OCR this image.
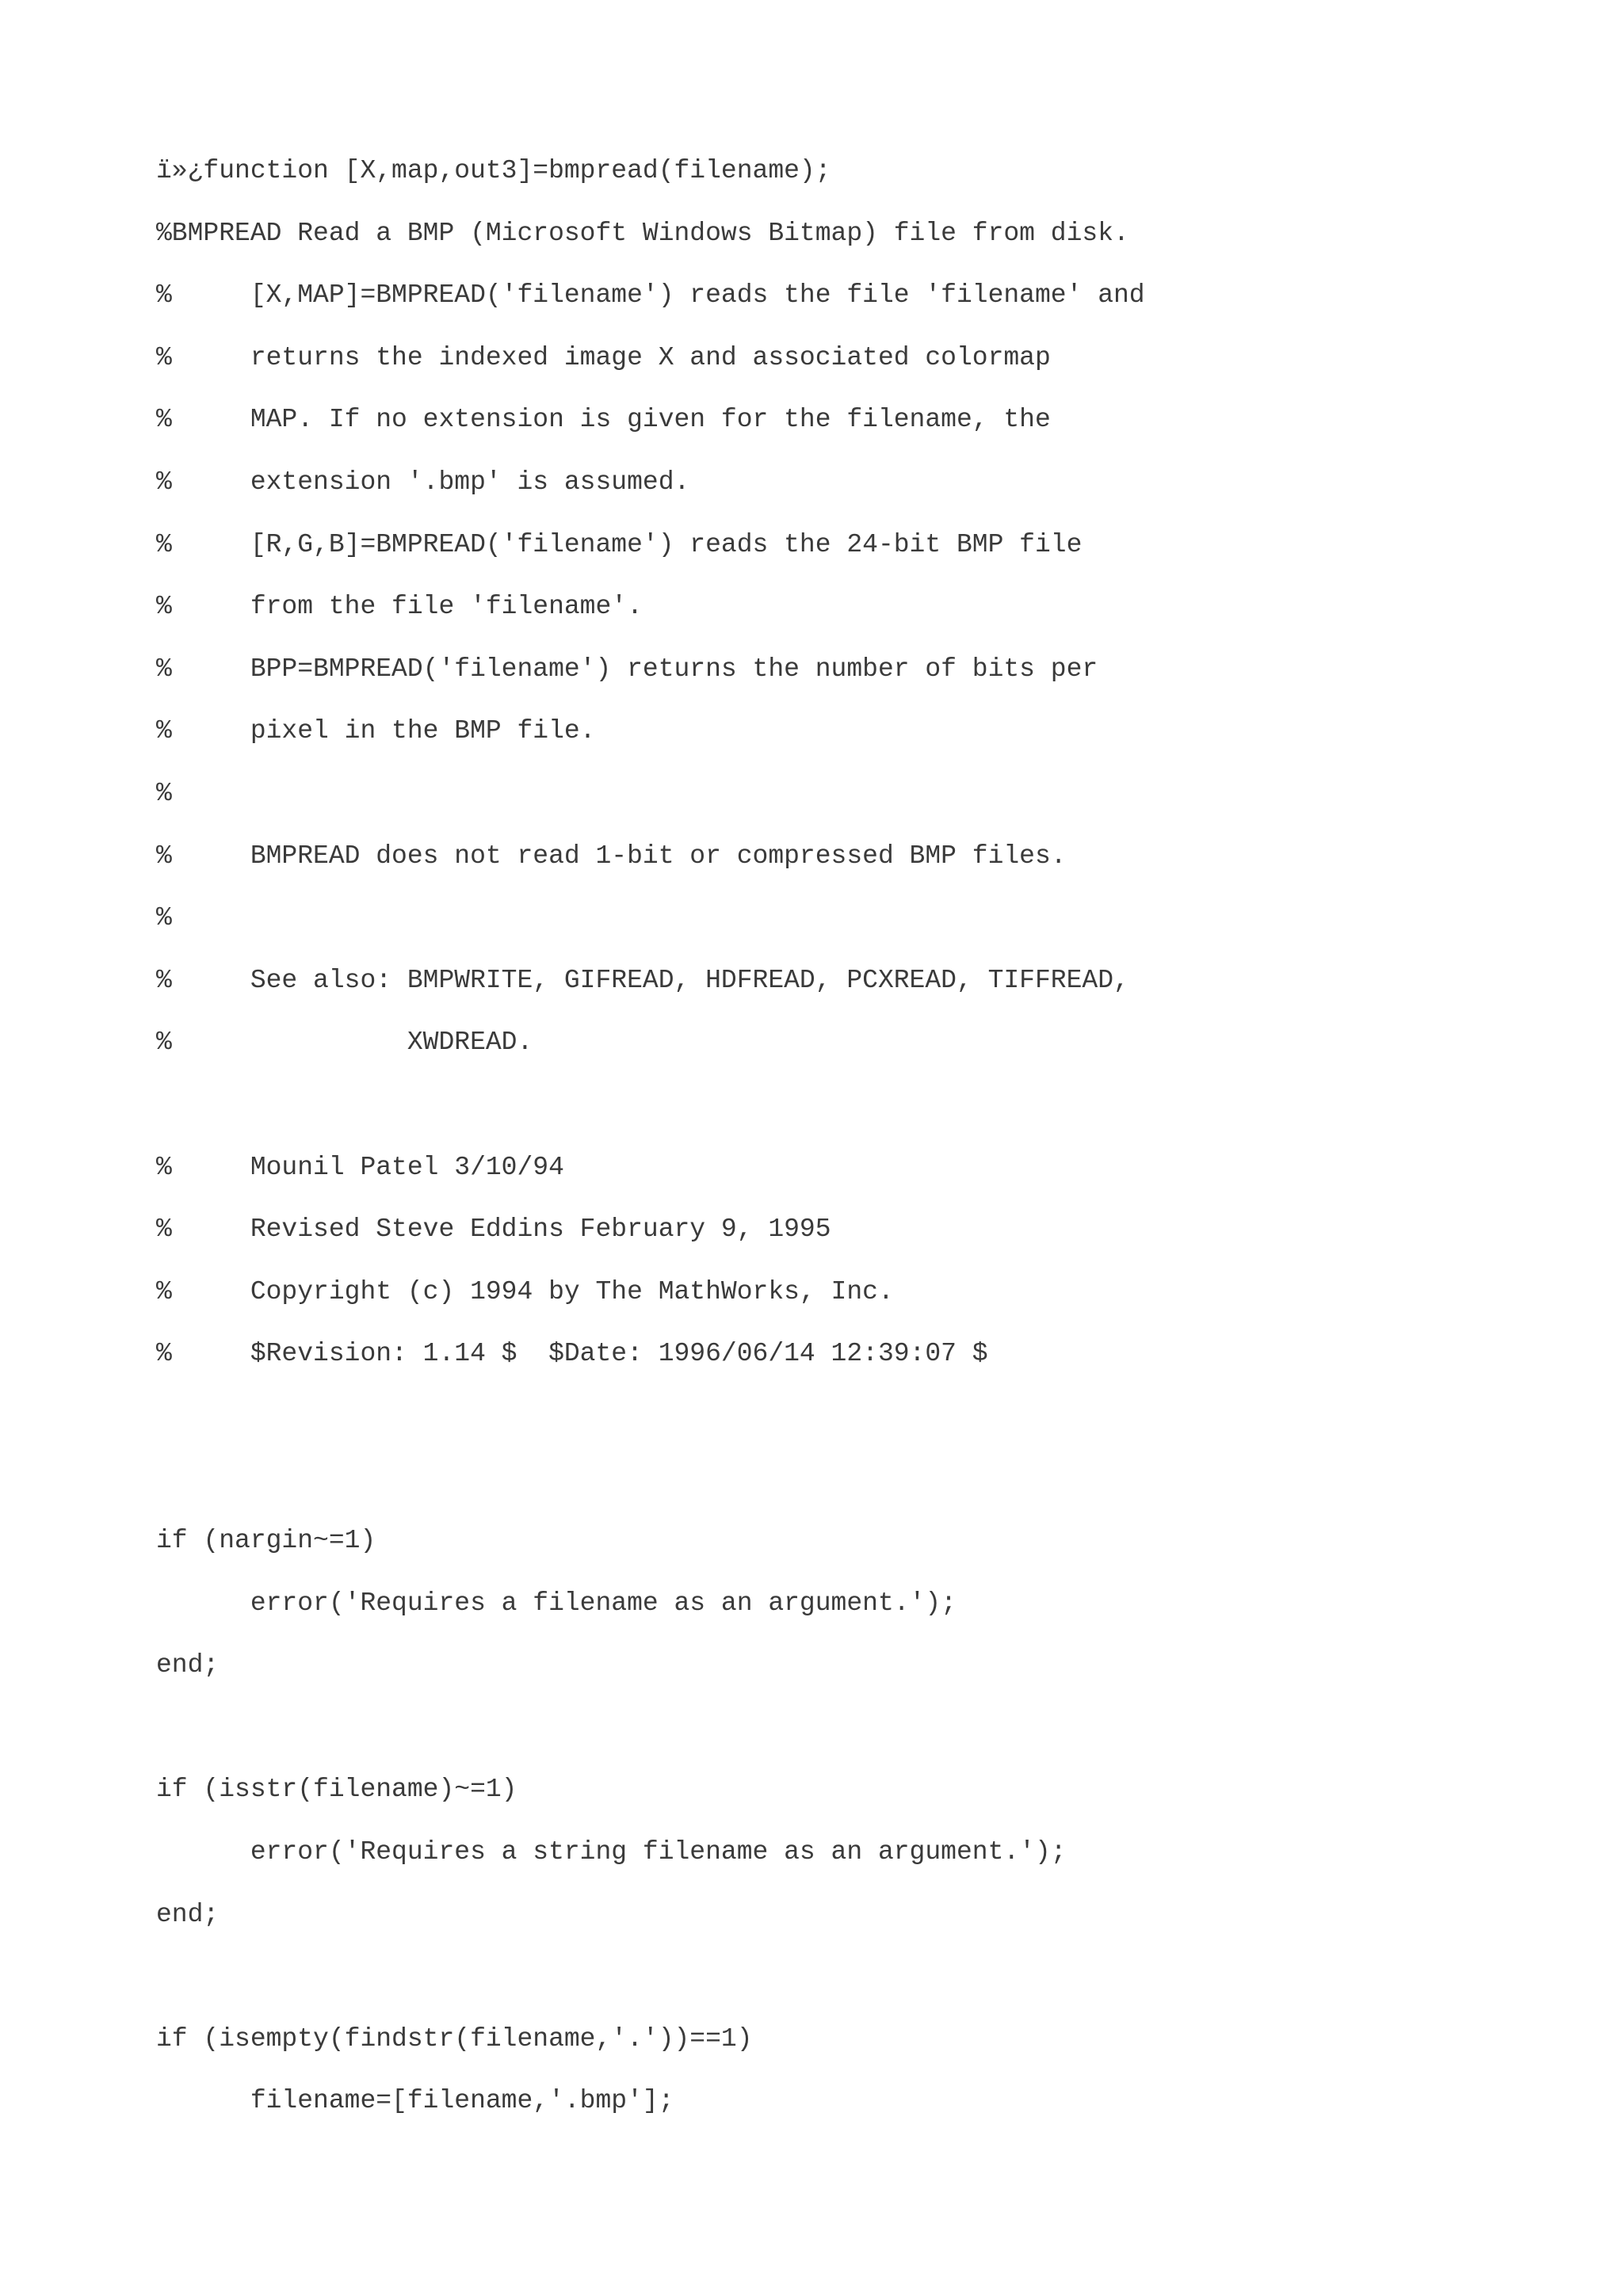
ï»¿function [X,map,out3]=bmpread(filename);
%BMPREAD Read a BMP (Microsoft Windows Bitmap) file from disk.
%     [X,MAP]=BMPREAD('filename') reads the file 'filename' and
%     returns the indexed image X and associated colormap
%     MAP. If no extension is given for the filename, the
%     extension '.bmp' is assumed.
%     [R,G,B]=BMPREAD('filename') reads the 24-bit BMP file
%     from the file 'filename'.
%     BPP=BMPREAD('filename') returns the number of bits per
%     pixel in the BMP file.
%
%     BMPREAD does not read 1-bit or compressed BMP files.
%
%     See also: BMPWRITE, GIFREAD, HDFREAD, PCXREAD, TIFFREAD,
%               XWDREAD.
%     Mounil Patel 3/10/94
%     Revised Steve Eddins February 9, 1995
%     Copyright (c) 1994 by The MathWorks, Inc.
%     $Revision: 1.14 $  $Date: 1996/06/14 12:39:07 $
if (nargin~=1)
error('Requires a filename as an argument.');
end;
if (isstr(filename)~=1)
error('Requires a string filename as an argument.');
end;
if (isempty(findstr(filename,'.'))==1)
filename=[filename,'.bmp'];
